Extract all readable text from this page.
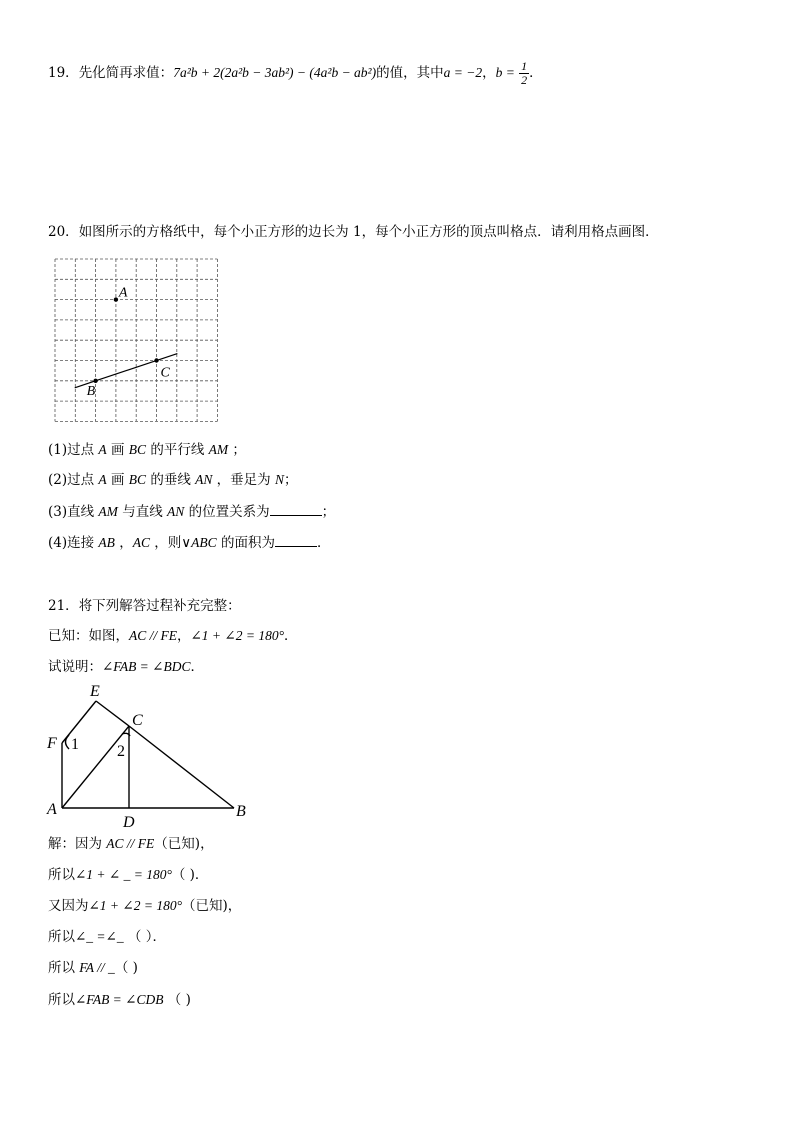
19．先化简再求值：7a²b + 2(2a²b − 3ab²) − (4a²b − ab²)的值，其中a = −2，$b = \frac{1}{2}$ ．
20．如图所示的方格纸中，每个小正方形的边长为 1，每个小正方形的顶点叫格点．请利用格点画图．
A
B
C
(1)过点 A 画 BC 的平行线 AM ；
(2)过点 A 画 BC 的垂线 AN ，垂足为 N；
(3)直线 AM 与直线 AN 的位置关系为	；
(4)连接 AB ，AC ，则∨ABC 的面积为	．
21．将下列解答过程补充完整：
已知：如图，AC // FE，∠1 + ∠2 = 180°．
试说明：∠FAB = ∠BDC．
E
C
F 1 2
A
D
B
解：因为 AC // FE（已知)，
所以∠1 + ∠ _ = 180°（ )．
又因为∠1 + ∠2 = 180°（已知)，
所以∠_ =∠_ （ ）．
所以 FA // _（ )
所以∠FAB = ∠CDB （ )
